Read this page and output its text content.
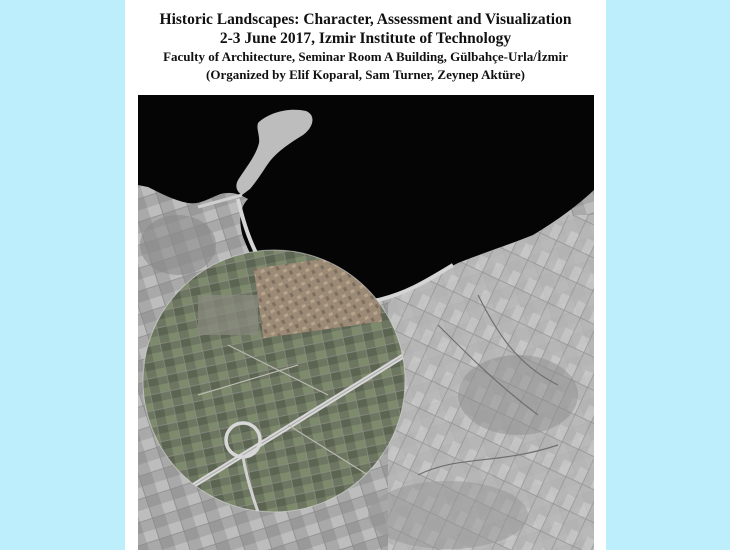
Historic Landscapes: Character, Assessment and Visualization

2-3 June 2017, Izmir Institute of Technology

Faculty of Architecture, Seminar Room A Building, Gülbahçe-Urla/İzmir

(Organized by Elif Koparal, Sam Turner, Zeynep Aktüre)
